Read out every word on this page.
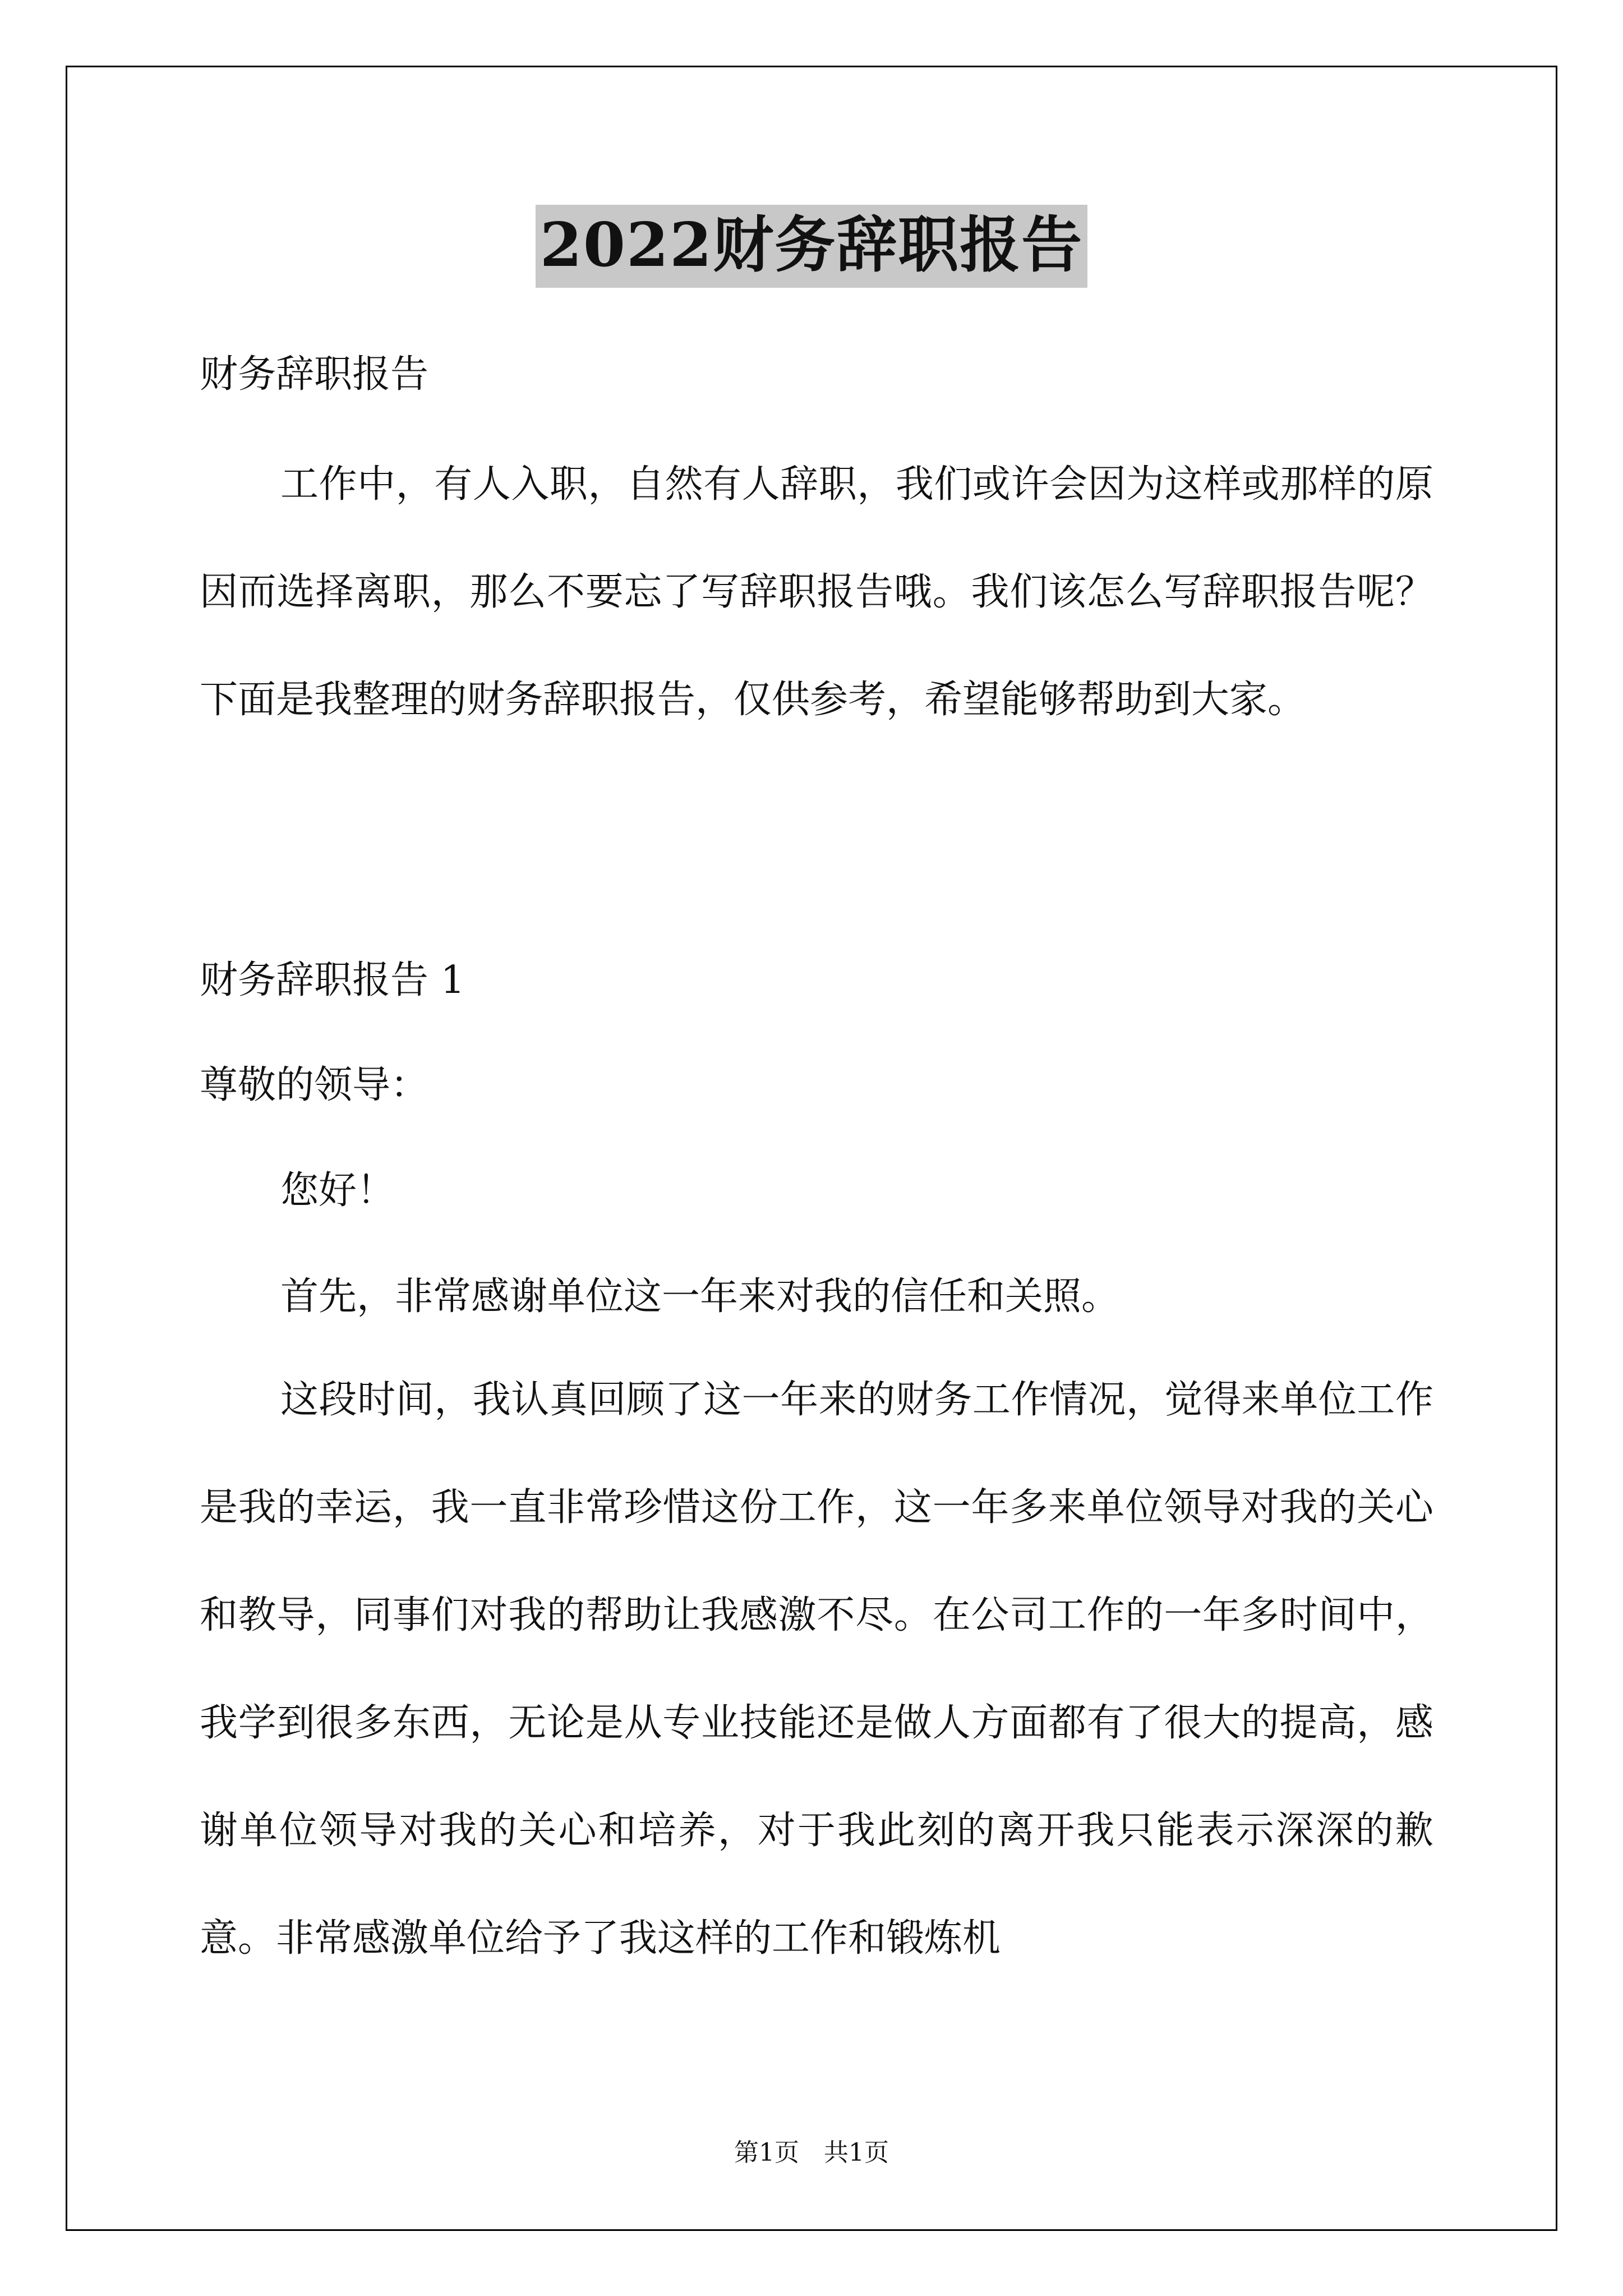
2022财务辞职报告
财务辞职报告
工作中，有人入职，自然有人辞职，我们或许会因为这样或那样的原因而选择离职，那么不要忘了写辞职报告哦。我们该怎么写辞职报告呢？下面是我整理的财务辞职报告，仅供参考，希望能够帮助到大家。
财务辞职报告 1
尊敬的领导：
您好！
首先，非常感谢单位这一年来对我的信任和关照。
这段时间，我认真回顾了这一年来的财务工作情况，觉得来单位工作是我的幸运，我一直非常珍惜这份工作，这一年多来单位领导对我的关心和教导，同事们对我的帮助让我感激不尽。在公司工作的一年多时间中，我学到很多东西，无论是从专业技能还是做人方面都有了很大的提高，感谢单位领导对我的关心和培养，对于我此刻的离开我只能表示深深的歉意。非常感激单位给予了我这样的工作和锻炼机
第1页　共1页
